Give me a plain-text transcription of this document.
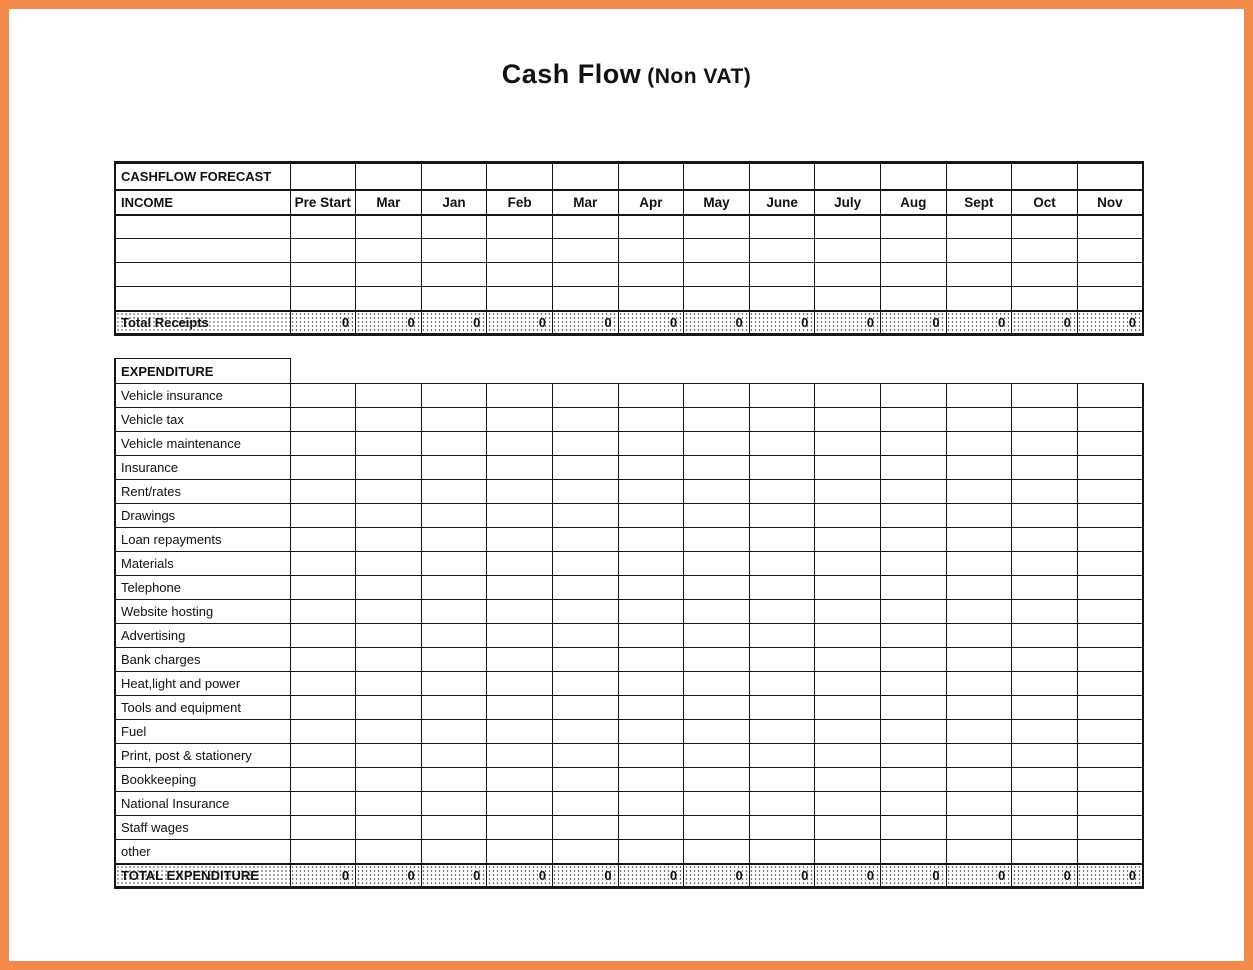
Cash Flow (Non VAT)
CASHFLOW FORECAST													
INCOME	Pre Start	Mar	Jan	Feb	Mar	Apr	May	June	July	Aug	Sept	Oct	Nov

Total Receipts	0	0	0	0	0	0	0	0	0	0	0	0	0

EXPENDITURE													
Vehicle insurance													
Vehicle tax													
Vehicle maintenance													
Insurance													
Rent/rates													
Drawings													
Loan repayments													
Materials													
Telephone													
Website hosting													
Advertising													
Bank charges													
Heat,light and power													
Tools and equipment													
Fuel													
Print, post & stationery													
Bookkeeping													
National Insurance													
Staff wages													
other													
TOTAL EXPENDITURE	0	0	0	0	0	0	0	0	0	0	0	0	0
